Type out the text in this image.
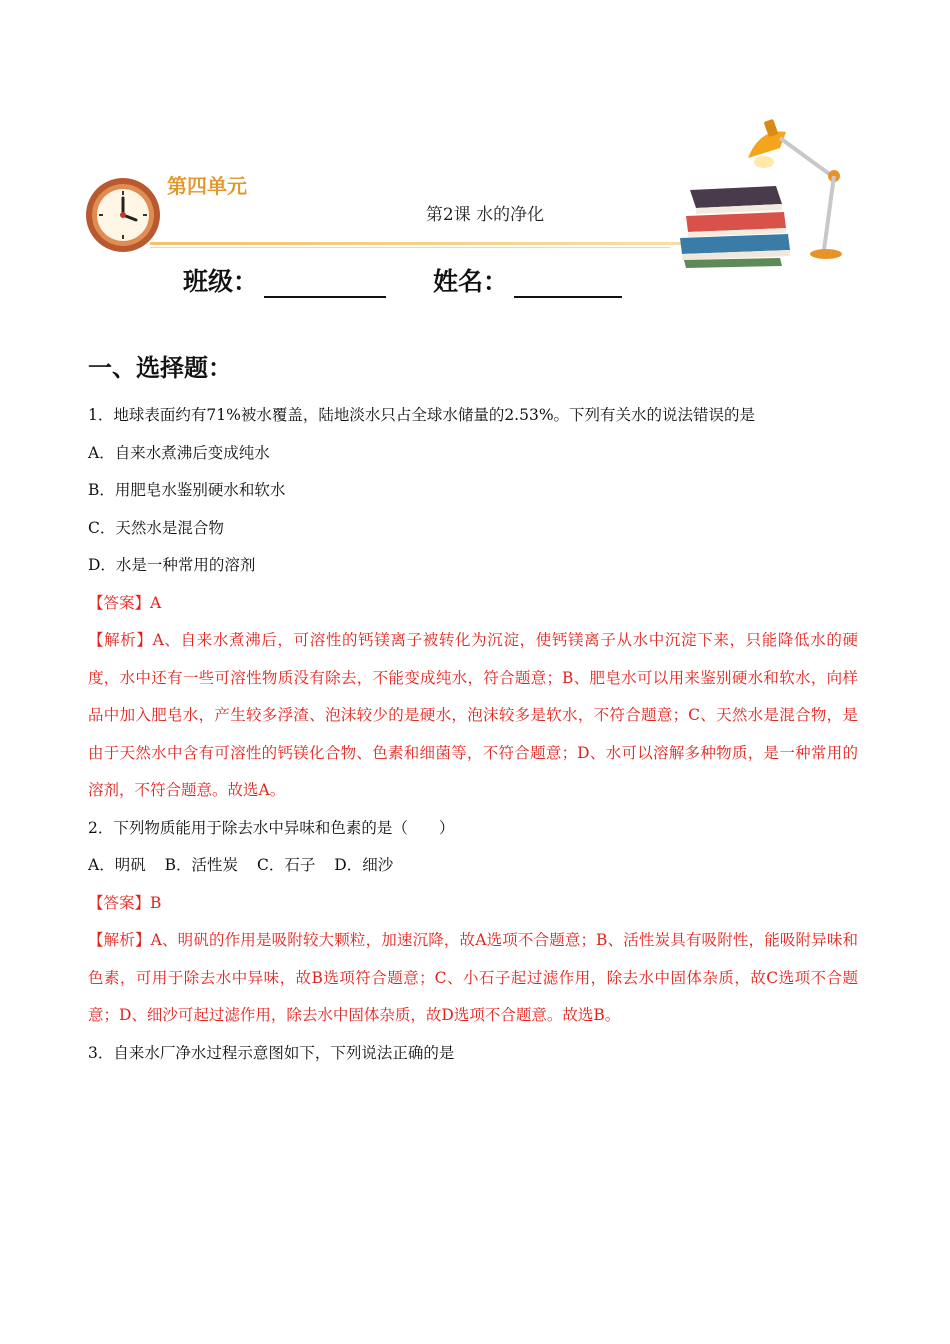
第四单元
第2课 水的净化
班级：	姓名：
一、选择题：

1．地球表面约有71%被水覆盖，陆地淡水只占全球水储量的2.53%。下列有关水的说法错误的是

A．自来水煮沸后变成纯水

B．用肥皂水鉴别硬水和软水

C．天然水是混合物

D．水是一种常用的溶剂

【答案】A

【解析】A、自来水煮沸后，可溶性的钙镁离子被转化为沉淀，使钙镁离子从水中沉淀下来，只能降低水的硬度，水中还有一些可溶性物质没有除去，不能变成纯水，符合题意；B、肥皂水可以用来鉴别硬水和软水，向样品中加入肥皂水，产生较多浮渣、泡沫较少的是硬水，泡沫较多是软水，不符合题意；C、天然水是混合物，是由于天然水中含有可溶性的钙镁化合物、色素和细菌等，不符合题意；D、水可以溶解多种物质，是一种常用的溶剂，不符合题意。故选A。

2．下列物质能用于除去水中异味和色素的是（　　）

A．明矾 B．活性炭 C．石子 D．细沙

【答案】B

【解析】A、明矾的作用是吸附较大颗粒，加速沉降，故A选项不合题意；B、活性炭具有吸附性，能吸附异味和色素，可用于除去水中异味，故B选项符合题意；C、小石子起过滤作用，除去水中固体杂质，故C选项不合题意；D、细沙可起过滤作用，除去水中固体杂质，故D选项不合题意。故选B。

3．自来水厂净水过程示意图如下，下列说法正确的是
